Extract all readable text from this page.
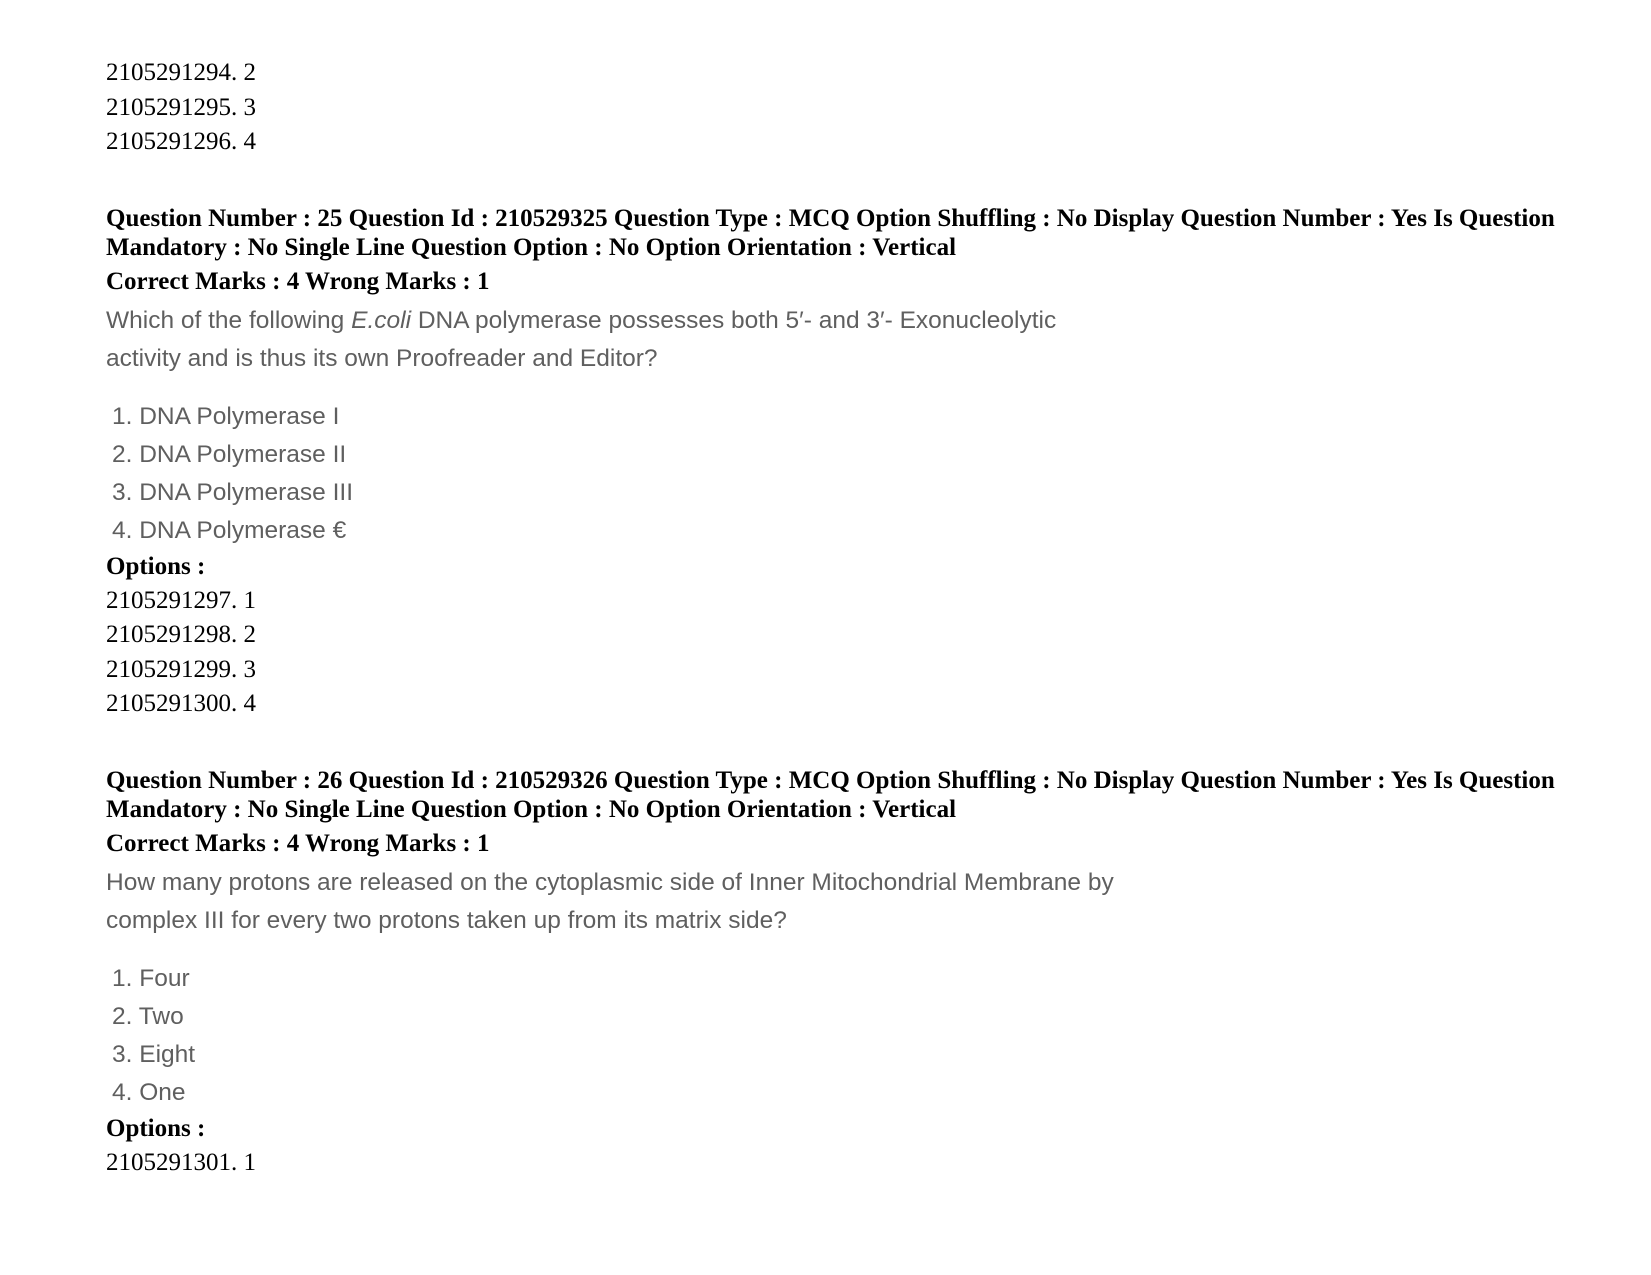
2105291294. 2
2105291295. 3
2105291296. 4
Question Number : 25 Question Id : 210529325 Question Type : MCQ Option Shuffling : No Display Question Number : Yes Is Question Mandatory : No Single Line Question Option : No Option Orientation : Vertical
Correct Marks : 4 Wrong Marks : 1
Which of the following E.coli DNA polymerase possesses both 5′- and 3′- Exonucleolytic
activity and is thus its own Proofreader and Editor?
1. DNA Polymerase I
2. DNA Polymerase II
3. DNA Polymerase III
4. DNA Polymerase €
Options :
2105291297. 1
2105291298. 2
2105291299. 3
2105291300. 4
Question Number : 26 Question Id : 210529326 Question Type : MCQ Option Shuffling : No Display Question Number : Yes Is Question Mandatory : No Single Line Question Option : No Option Orientation : Vertical
Correct Marks : 4 Wrong Marks : 1
How many protons are released on the cytoplasmic side of Inner Mitochondrial Membrane by
complex III for every two protons taken up from its matrix side?
1. Four
2. Two
3. Eight
4. One
Options :
2105291301. 1
